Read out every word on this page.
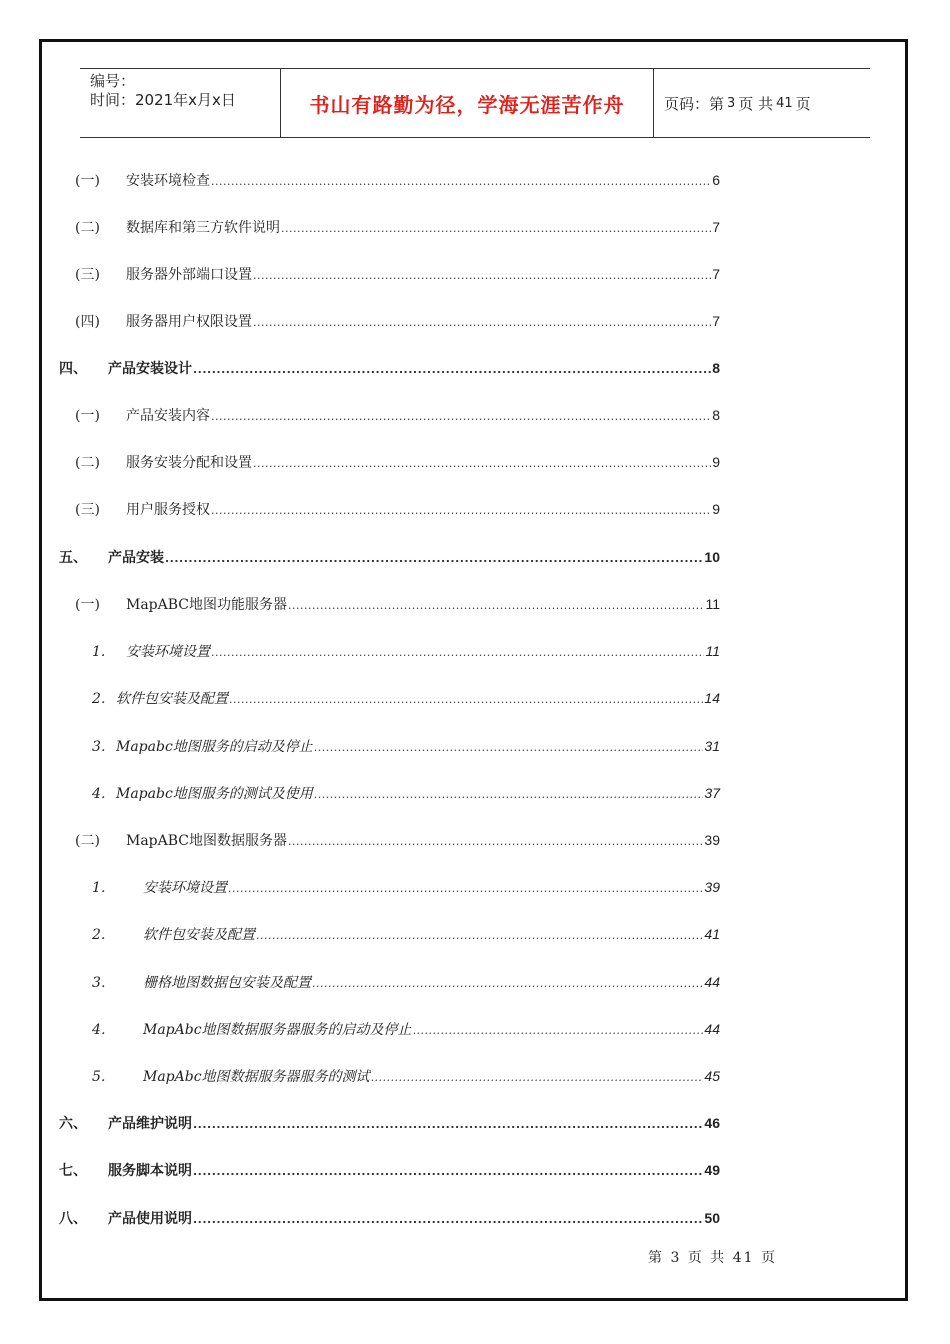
编号：
时间：2021年x月x日	书山有路勤为径，学海无涯苦作舟	页码：第 3 页 共 41 页
(一)	安装环境检查 .....	6
(二)	数据库和第三方软件说明 .....	7
(三)	服务器外部端口设置 .....	7
(四)	服务器用户权限设置 .....	7
四、	产品安装设计 .....	8
(一)	产品安装内容 .....	8
(二)	服务安装分配和设置 .....	9
(三)	用户服务授权 .....	9
五、	产品安装 .....	10
(一)	MapABC地图功能服务器 .....	11
1.	安装环境设置 .....	11
2． 软件包安装及配置 .....	14
3． Mapabc地图服务的启动及停止 .....	31
4． Mapabc地图服务的测试及使用 .....	37
(二)	MapABC地图数据服务器 .....	39
1．	安装环境设置 .....	39
2．	软件包安装及配置 .....	41
3．	栅格地图数据包安装及配置 .....	44
4．	MapAbc地图数据服务器服务的启动及停止 .....	44
5．	MapAbc地图数据服务器服务的测试 .....	45
六、	产品维护说明 .....	46
七、	服务脚本说明 .....	49
八、	产品使用说明 .....	50
第 3 页 共 41 页
